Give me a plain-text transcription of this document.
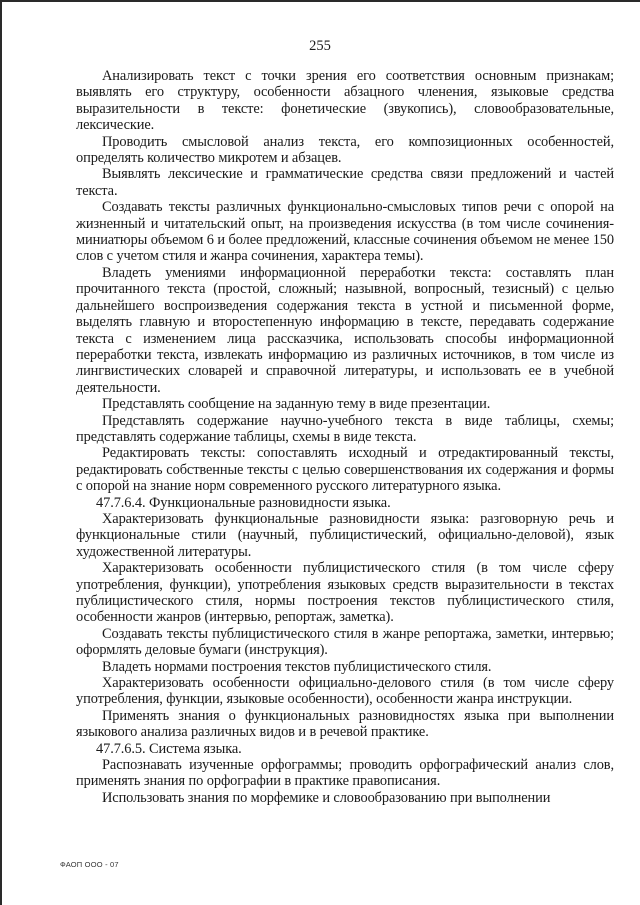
255

Анализировать текст с точки зрения его соответствия основным признакам; выявлять его структуру, особенности абзацного членения, языковые средства выразительности в тексте: фонетические (звукопись), словообразовательные, лексические.

Проводить смысловой анализ текста, его композиционных особенностей, определять количество микротем и абзацев.

Выявлять лексические и грамматические средства связи предложений и частей текста.

Создавать тексты различных функционально-смысловых типов речи с опорой на жизненный и читательский опыт, на произведения искусства (в том числе сочинения-миниатюры объемом 6 и более предложений, классные сочинения объемом не менее 150 слов с учетом стиля и жанра сочинения, характера темы).

Владеть умениями информационной переработки текста: составлять план прочитанного текста (простой, сложный; назывной, вопросный, тезисный) с целью дальнейшего воспроизведения содержания текста в устной и письменной форме, выделять главную и второстепенную информацию в тексте, передавать содержание текста с изменением лица рассказчика, использовать способы информационной переработки текста, извлекать информацию из различных источников, в том числе из лингвистических словарей и справочной литературы, и использовать ее в учебной деятельности.

Представлять сообщение на заданную тему в виде презентации.

Представлять содержание научно-учебного текста в виде таблицы, схемы; представлять содержание таблицы, схемы в виде текста.

Редактировать тексты: сопоставлять исходный и отредактированный тексты, редактировать собственные тексты с целью совершенствования их содержания и формы с опорой на знание норм современного русского литературного языка.

47.7.6.4. Функциональные разновидности языка.

Характеризовать функциональные разновидности языка: разговорную речь и функциональные стили (научный, публицистический, официально-деловой), язык художественной литературы.

Характеризовать особенности публицистического стиля (в том числе сферу употребления, функции), употребления языковых средств выразительности в текстах публицистического стиля, нормы построения текстов публицистического стиля, особенности жанров (интервью, репортаж, заметка).

Создавать тексты публицистического стиля в жанре репортажа, заметки, интервью; оформлять деловые бумаги (инструкция).

Владеть нормами построения текстов публицистического стиля.

Характеризовать особенности официально-делового стиля (в том числе сферу употребления, функции, языковые особенности), особенности жанра инструкции.

Применять знания о функциональных разновидностях языка при выполнении языкового анализа различных видов и в речевой практике.

47.7.6.5. Система языка.

Распознавать изученные орфограммы; проводить орфографический анализ слов, применять знания по орфографии в практике правописания.

Использовать знания по морфемике и словообразованию при выполнении

ФАОП ООО - 07
